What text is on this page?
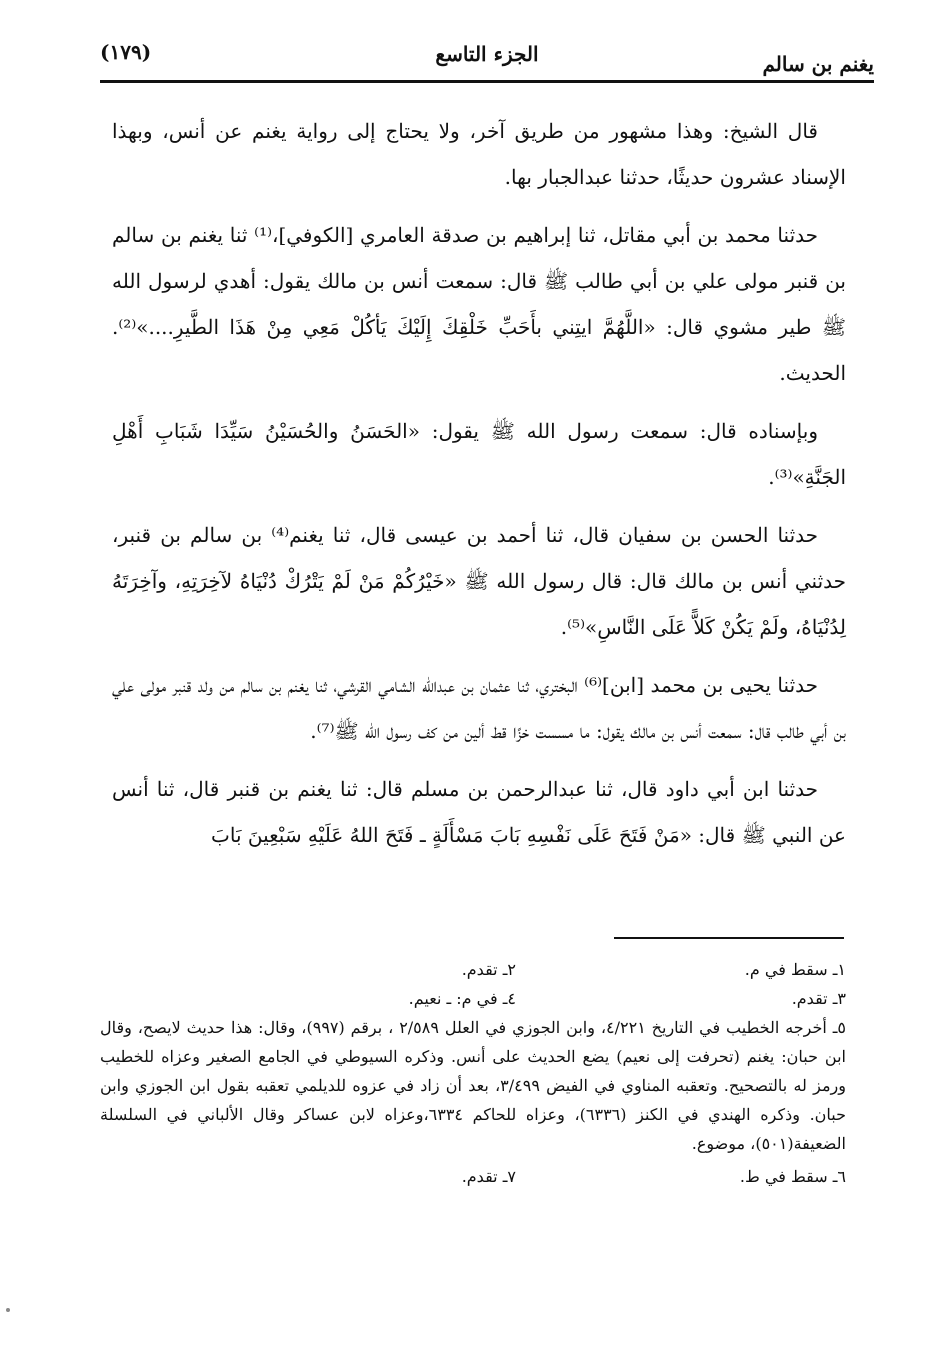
يغنم بن سالم
الجزء التاسع
(١٧٩)

قال الشيخ: وهذا مشهور من طريق آخر، ولا يحتاج إلى رواية يغنم عن أنس، وبهذا الإسناد عشرون حديثًا، حدثنا عبدالجبار بها.

حدثنا محمد بن أبي مقاتل، ثنا إبراهيم بن صدقة العامري [الكوفي]،⁽¹⁾ ثنا يغنم بن سالم بن قنبر مولى علي بن أبي طالب ﷺ قال: سمعت أنس بن مالك يقول: أهدي لرسول الله ﷺ طير مشوي قال: «اللَّهُمَّ ايتِني بأَحَبِّ خَلْقِكَ إِلَيْكَ يَأكُلْ مَعِي مِنْ هَذَا الطَّيرِ....»⁽²⁾. الحديث.

وبإسناده قال: سمعت رسول الله ﷺ يقول: «الحَسَنُ والحُسَيْنُ سَيِّدَا شَبَابِ أَهْلِ الجَنَّةِ»⁽³⁾.

حدثنا الحسن بن سفيان قال، ثنا أحمد بن عيسى قال، ثنا يغنم⁽⁴⁾ بن سالم بن قنبر، حدثني أنس بن مالك قال: قال رسول الله ﷺ «خَيْرُكُمْ مَنْ لَمْ يَتْرُكْ دُنْيَاهُ لآخِرَتِهِ، وآخِرَتَهُ لِدُنْيَاهُ، ولَمْ يَكُنْ كَلاًّ عَلَى النَّاسِ»⁽⁵⁾.

حدثنا يحيى بن محمد [ابن]⁽⁶⁾ البختري، ثنا عثمان بن عبدالله الشامي القرشي، ثنا يغنم بن سالم من ولد قنبر مولى علي بن أبي طالب قال: سمعت أنس بن مالك يقول: ما مسست خزًا قط ألين من كف رسول الله ﷺ⁽⁷⁾.

حدثنا ابن أبي داود قال، ثنا عبدالرحمن بن مسلم قال: ثنا يغنم بن قنبر قال، ثنا أنس عن النبي ﷺ قال: «مَنْ فَتَحَ عَلَى نَفْسِهِ بَابَ مَسْأَلَةٍ ـ فَتَحَ اللهُ عَلَيْهِ سَبْعِينَ بَابَ

١ـ سقط في م.
٢ـ تقدم.
٣ـ تقدم.
٤ـ في م: ـ نعيم.
٥ـ أخرجه الخطيب في التاريخ ٤/٢٢١، وابن الجوزي في العلل ٢/٥٨٩ ، برقم (٩٩٧)، وقال: هذا حديث لايصح، وقال ابن حبان: يغنم (تحرفت إلى نعيم) يضع الحديث على أنس. وذكره السيوطي في الجامع الصغير وعزاه للخطيب ورمز له بالتصحيح. وتعقبه المناوي في الفيض ٣/٤٩٩، بعد أن زاد في عزوه للديلمي تعقبه بقول ابن الجوزي وابن حبان. وذكره الهندي في الكنز (٦٣٣٦)، وعزاه للحاكم ٦٣٣٤،وعزاه لابن عساكر وقال الألباني في السلسلة الضعيفة(٥٠١)، موضوع.
٦ـ سقط في ط.
٧ـ تقدم.
